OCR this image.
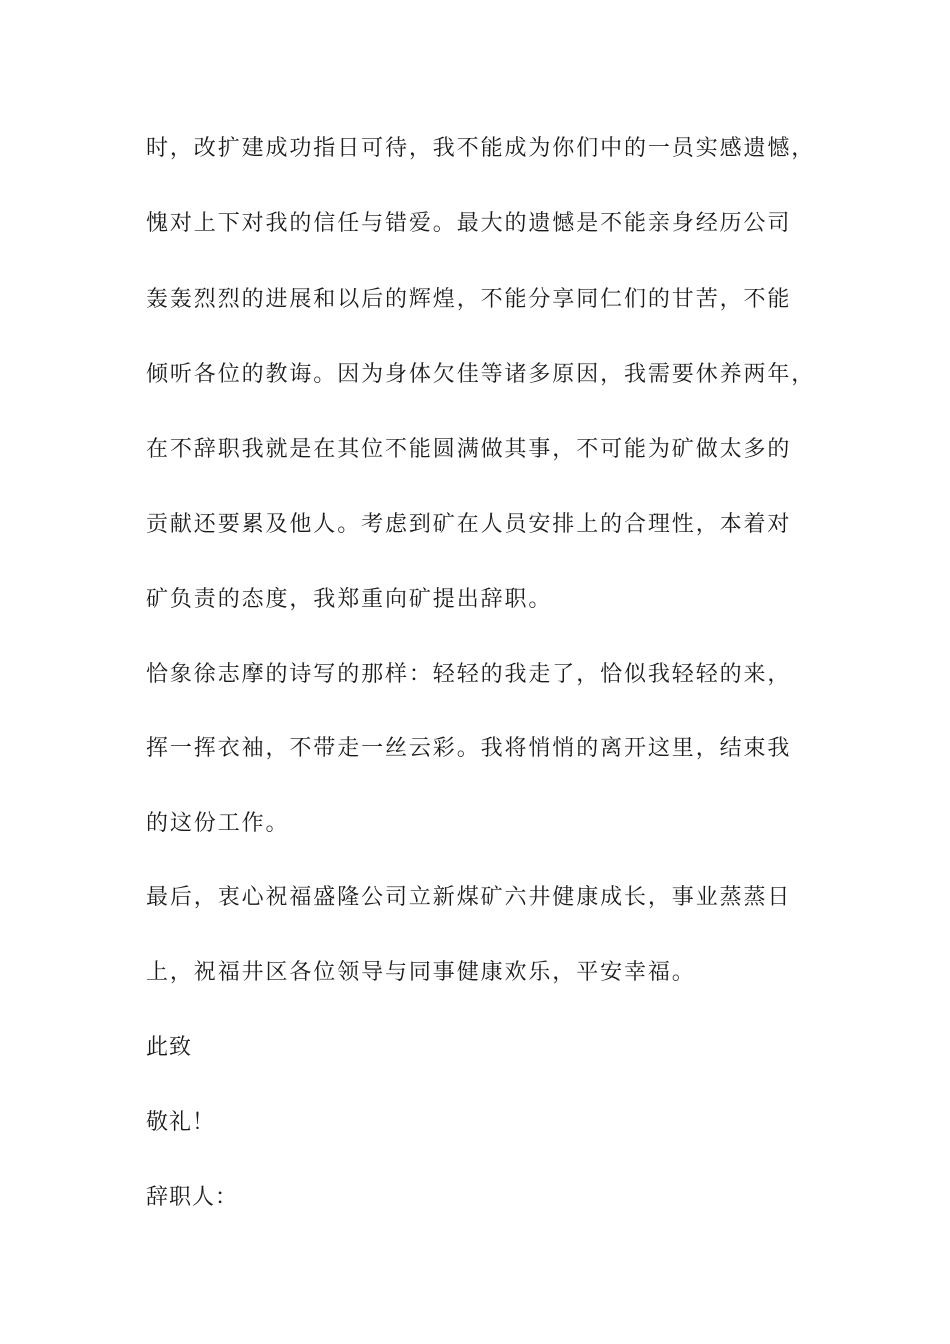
时，改扩建成功指日可待，我不能成为你们中的一员实感遗憾，
愧对上下对我的信任与错爱。最大的遗憾是不能亲身经历公司
轰轰烈烈的进展和以后的辉煌，不能分享同仁们的甘苦，不能
倾听各位的教诲。因为身体欠佳等诸多原因，我需要休养两年，
在不辞职我就是在其位不能圆满做其事，不可能为矿做太多的
贡献还要累及他人。考虑到矿在人员安排上的合理性，本着对
矿负责的态度，我郑重向矿提出辞职。
恰象徐志摩的诗写的那样：轻轻的我走了，恰似我轻轻的来，
挥一挥衣袖，不带走一丝云彩。我将悄悄的离开这里，结束我
的这份工作。
最后，衷心祝福盛隆公司立新煤矿六井健康成长，事业蒸蒸日
上，祝福井区各位领导与同事健康欢乐，平安幸福。
此致
敬礼！
辞职人：
